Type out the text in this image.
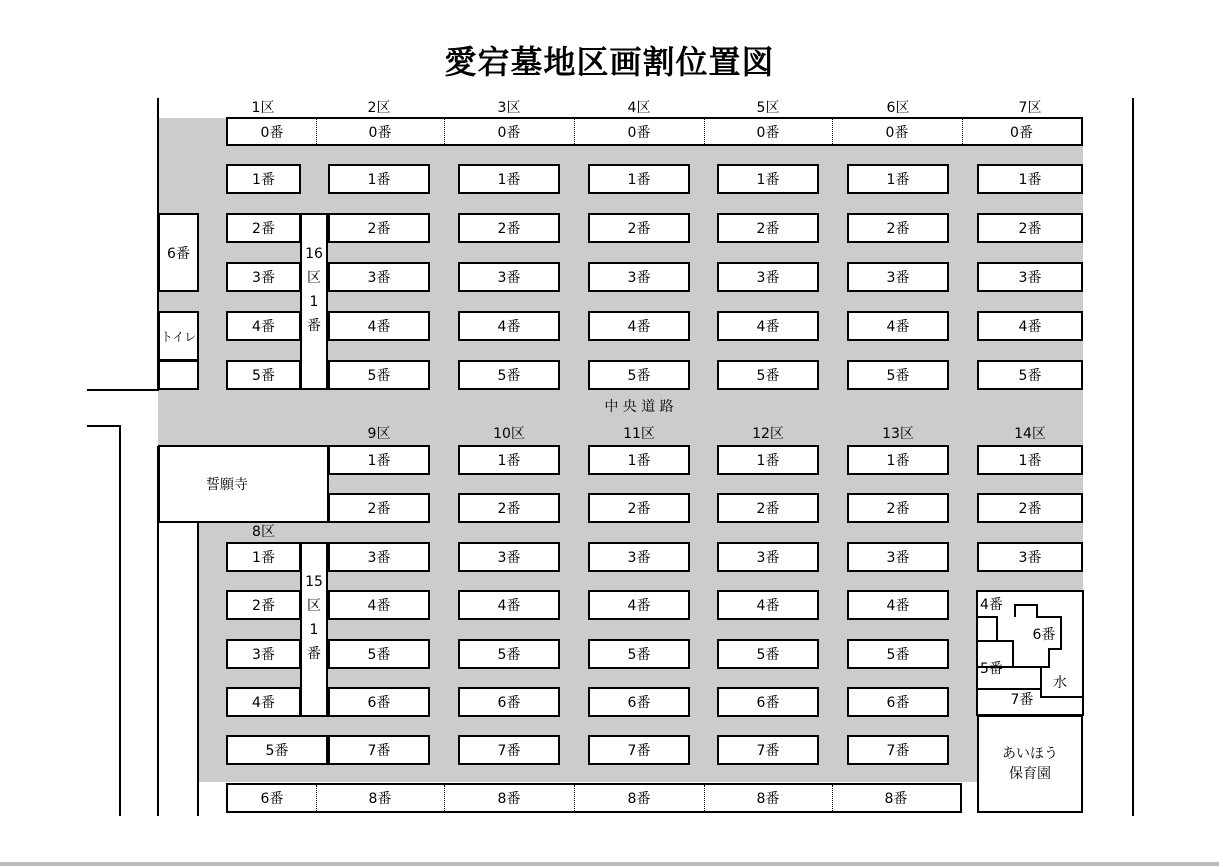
愛宕墓地区画割位置図
1区	2区	3区	4区	5区	6区	7区
0番	0番	0番	0番	0番	0番	0番
1番	1番	1番	1番	1番	1番	1番
2番	2番	2番	2番	2番	2番	2番
3番	3番	3番	3番	3番	3番	3番
4番	4番	4番	4番	4番	4番	4番
5番	5番	5番	5番	5番	5番	5番
16
区
1
番
6番
トイレ
中 央 道 路
9区	10区	11区	12区	13区	14区
誓願寺
8区
1番	1番	1番	1番	1番	1番
2番	2番	2番	2番	2番	2番
1番	3番	3番	3番	3番	3番	3番
2番	4番	4番	4番	4番	4番
3番	5番	5番	5番	5番	5番
4番	6番	6番	6番	6番	6番
5番	7番	7番	7番	7番	7番
15
区
1
番
6番	8番	8番	8番	8番	8番
4番
6番
5番
水
7番
あいほう保育園
